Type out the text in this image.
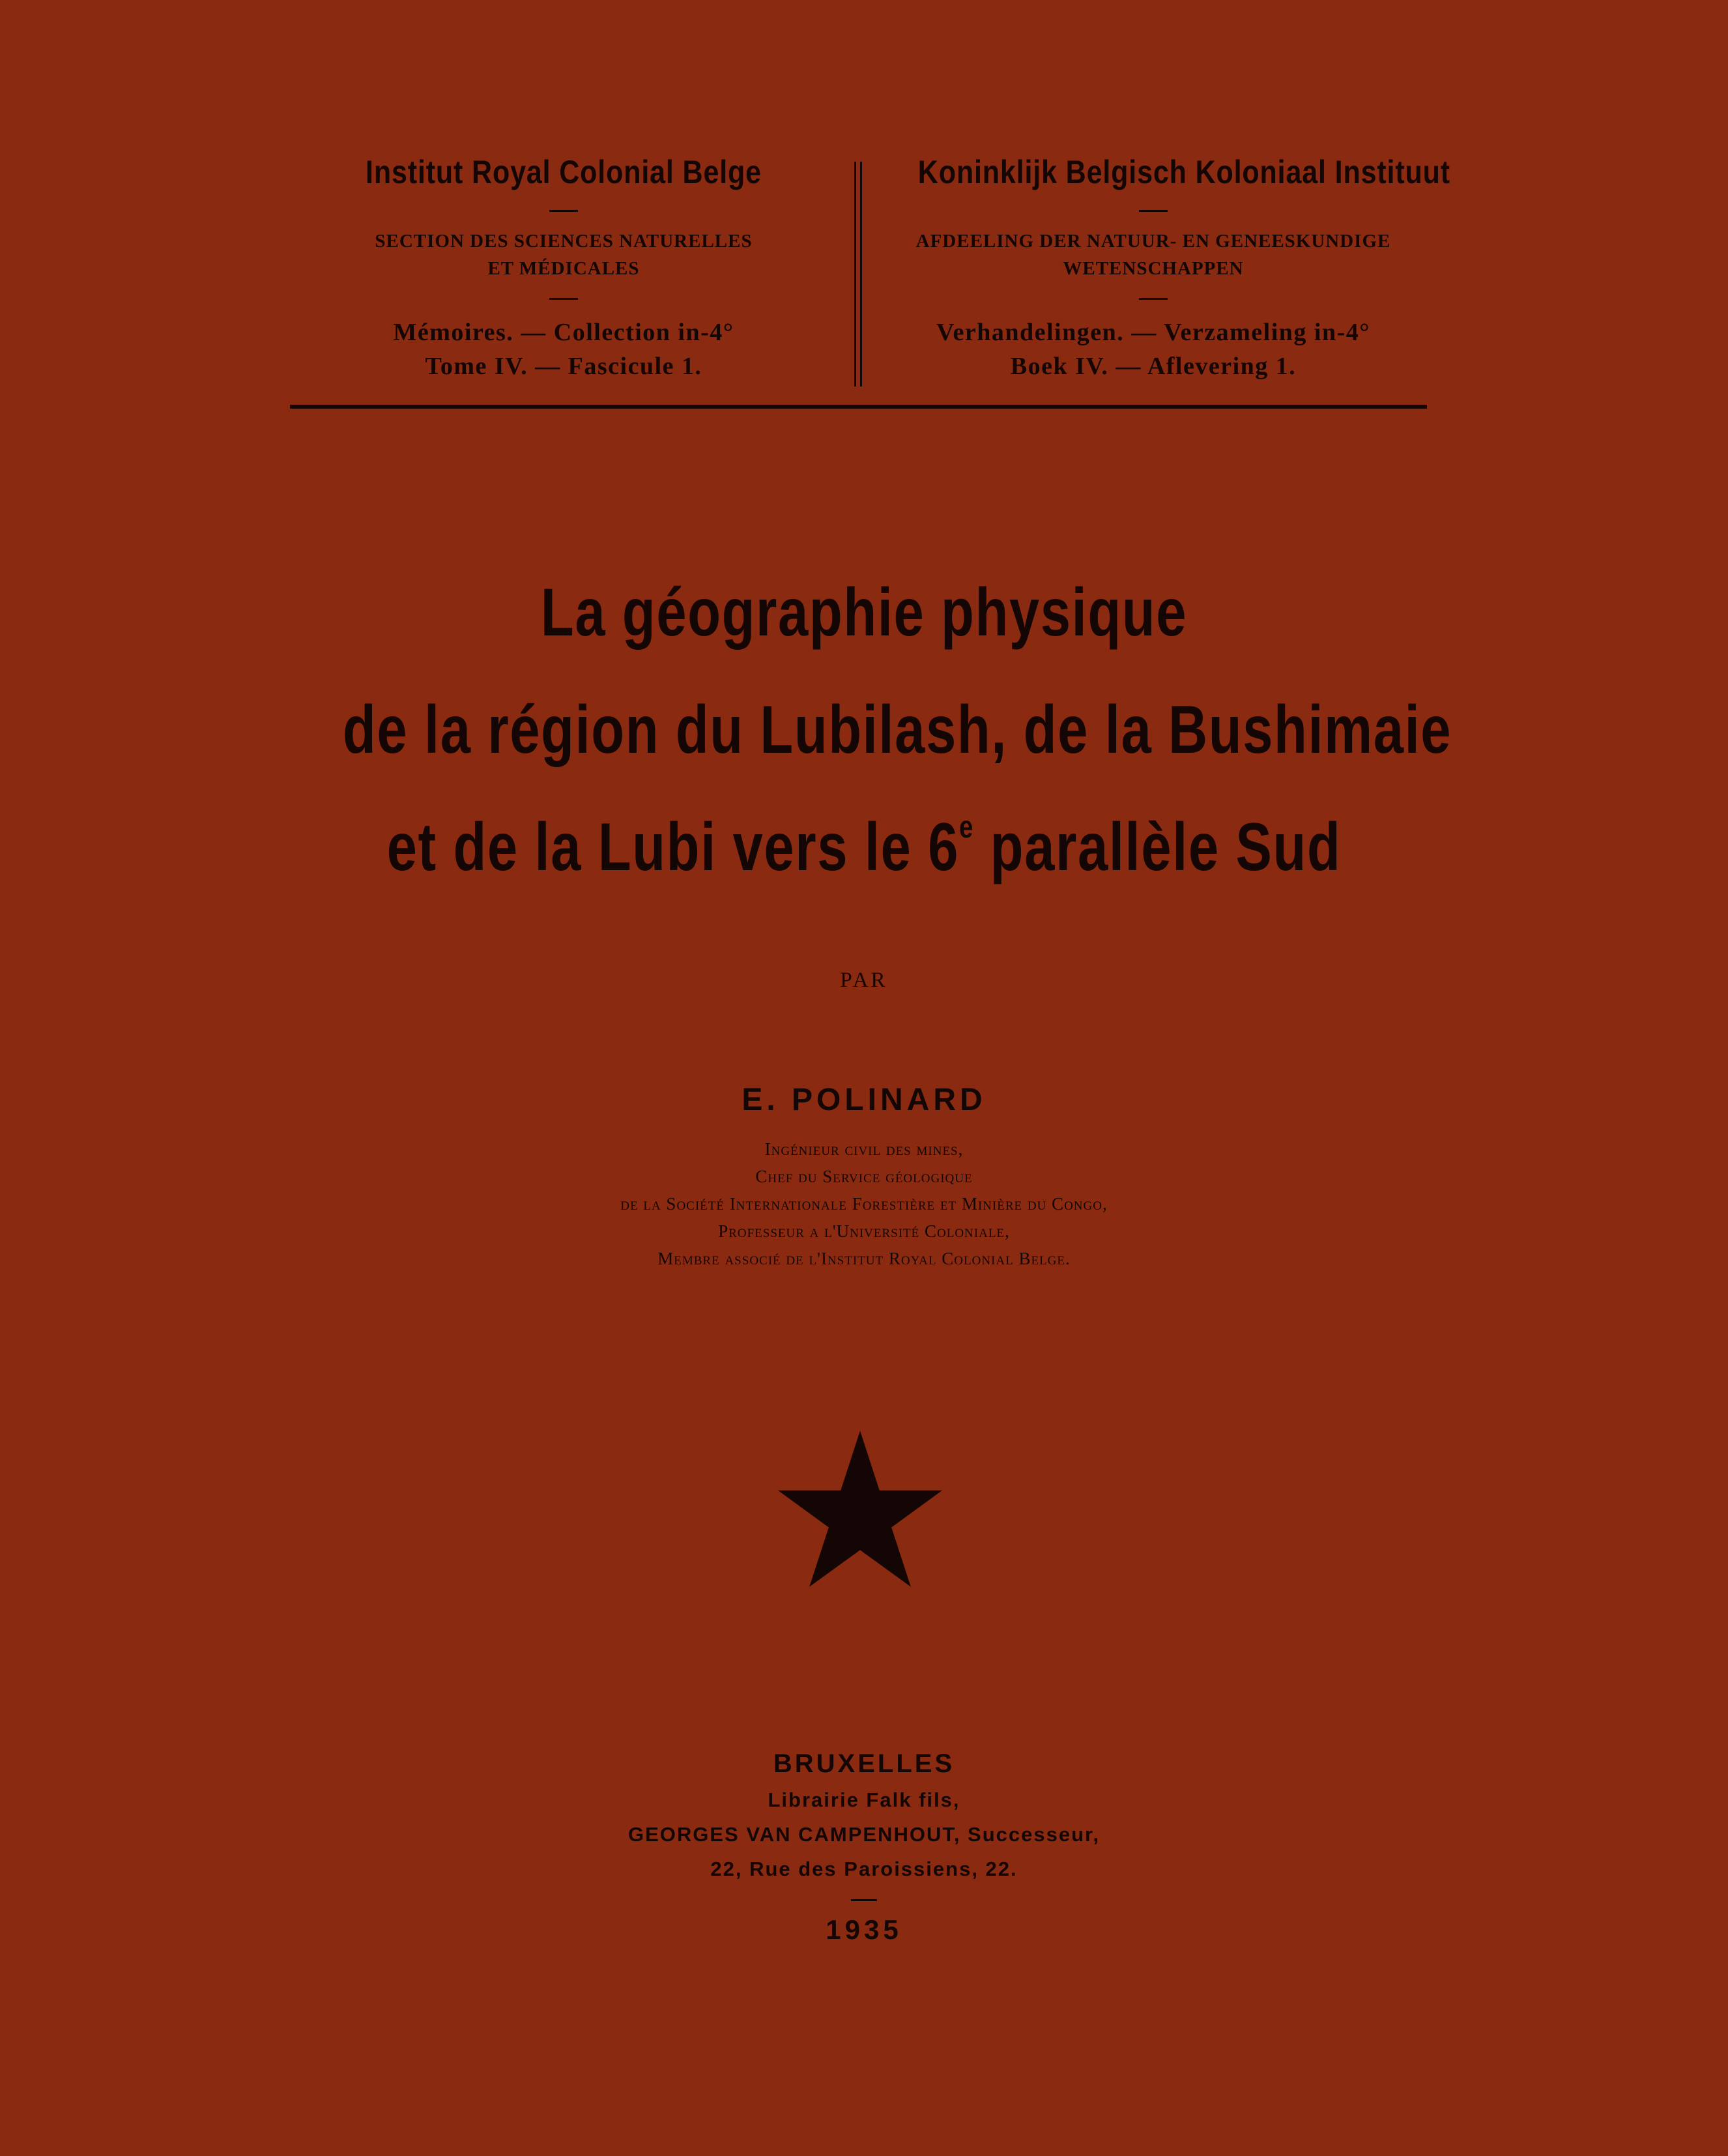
Institut Royal Colonial Belge
SECTION DES SCIENCES NATURELLES
ET MÉDICALES
Mémoires. — Collection in-4°
Tome IV. — Fascicule 1.
Koninklijk Belgisch Koloniaal Instituut
AFDEELING DER NATUUR- EN GENEESKUNDIGE
WETENSCHAPPEN
Verhandelingen. — Verzameling in-4°
Boek IV. — Aflevering 1.
La géographie physique
de la région du Lubilash, de la Bushimaie
et de la Lubi vers le 6e parallèle Sud
PAR
E. POLINARD
Ingénieur civil des mines,
Chef du Service géologique
de la Société Internationale Forestière et Minière du Congo,
Professeur a l'Université Coloniale,
Membre associé de l'Institut Royal Colonial Belge.
BRUXELLES
Librairie Falk fils,
GEORGES VAN CAMPENHOUT, Successeur,
22, Rue des Paroissiens, 22.
1935
